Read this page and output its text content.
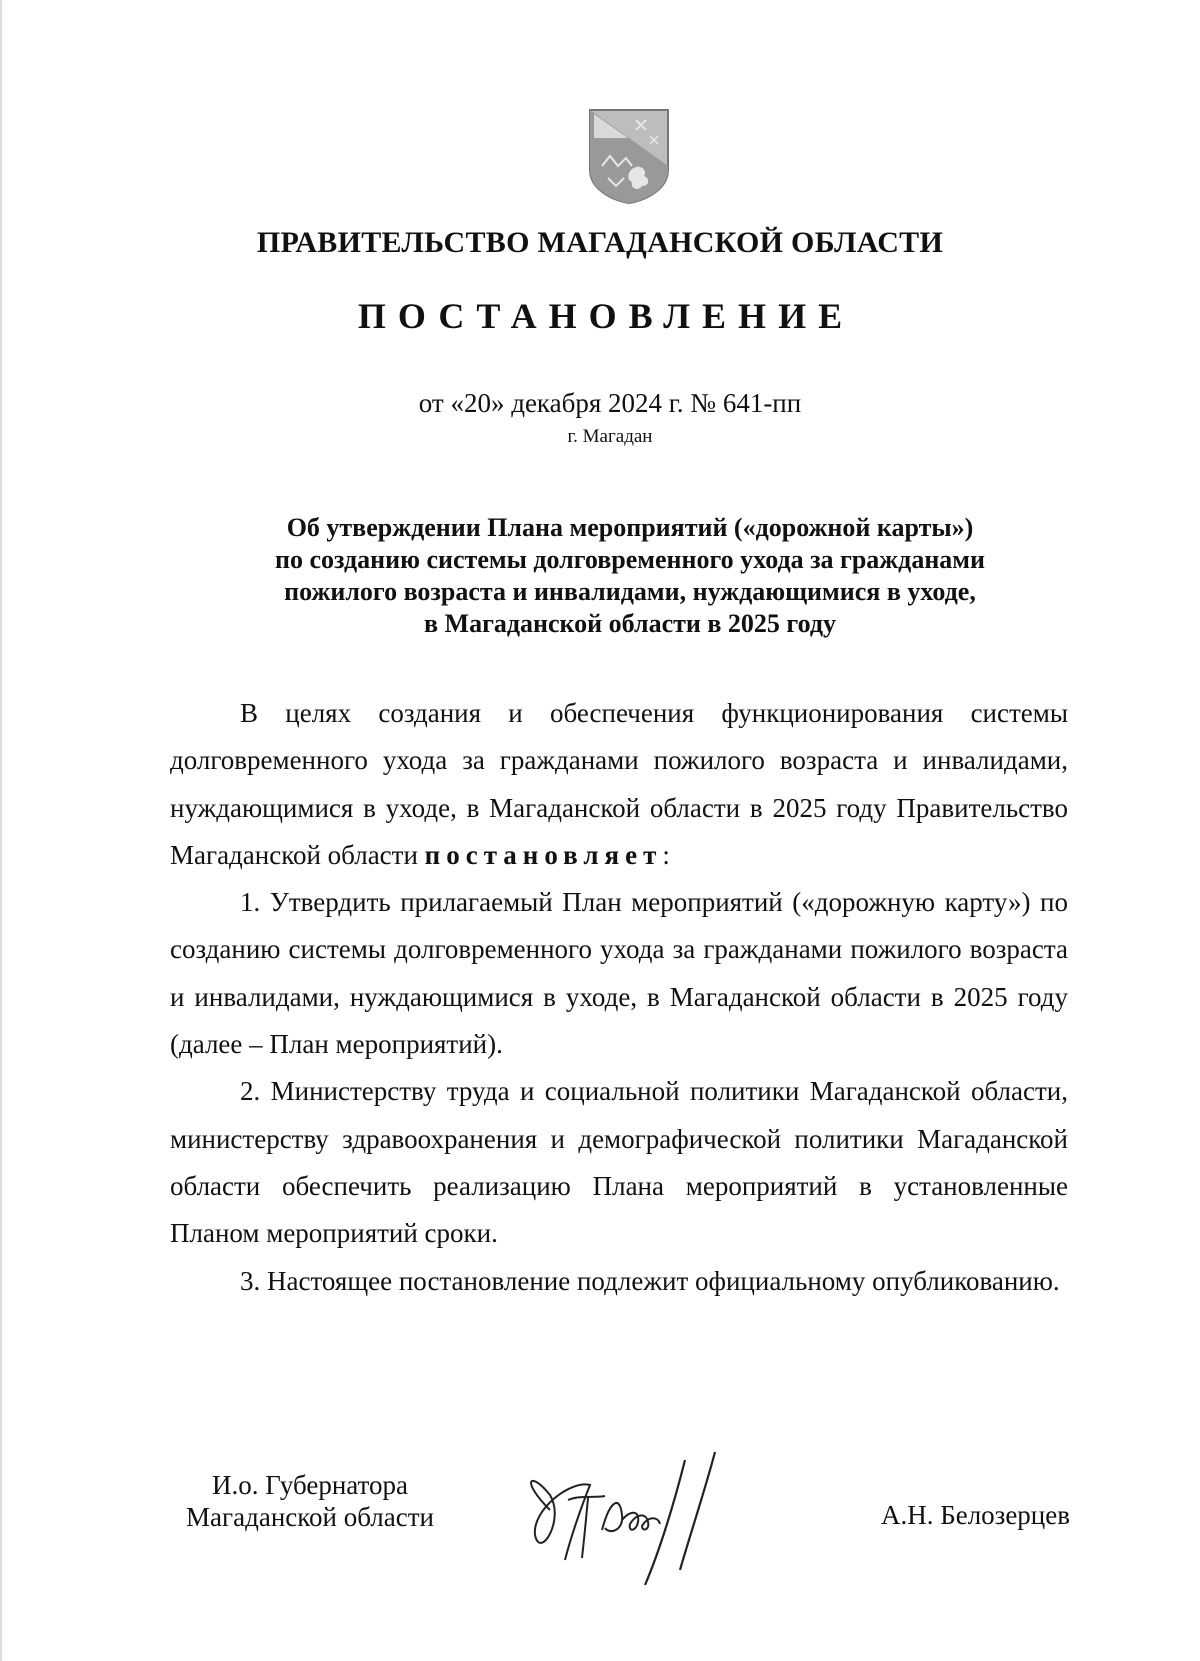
ПРАВИТЕЛЬСТВО МАГАДАНСКОЙ ОБЛАСТИ
ПОСТАНОВЛЕНИЕ
от «20» декабря 2024 г. № 641-пп
г. Магадан
Об утверждении Плана мероприятий («дорожной карты»)
по созданию системы долговременного ухода за гражданами
пожилого возраста и инвалидами, нуждающимися в уходе,
в Магаданской области в 2025 году

В целях создания и обеспечения функционирования системы долговременного ухода за гражданами пожилого возраста и инвалидами, нуждающимися в уходе, в Магаданской области в 2025 году Правительство Магаданской области постановляет:

1. Утвердить прилагаемый План мероприятий («дорожную карту») по созданию системы долговременного ухода за гражданами пожилого возраста и инвалидами, нуждающимися в уходе, в Магаданской области в 2025 году (далее – План мероприятий).

2. Министерству труда и социальной политики Магаданской области, министерству здравоохранения и демографической политики Магаданской области обеспечить реализацию Плана мероприятий в установленные Планом мероприятий сроки.

3. Настоящее постановление подлежит официальному опубликованию.

И.о. Губернатора
Магаданской области	А.Н. Белозерцев
